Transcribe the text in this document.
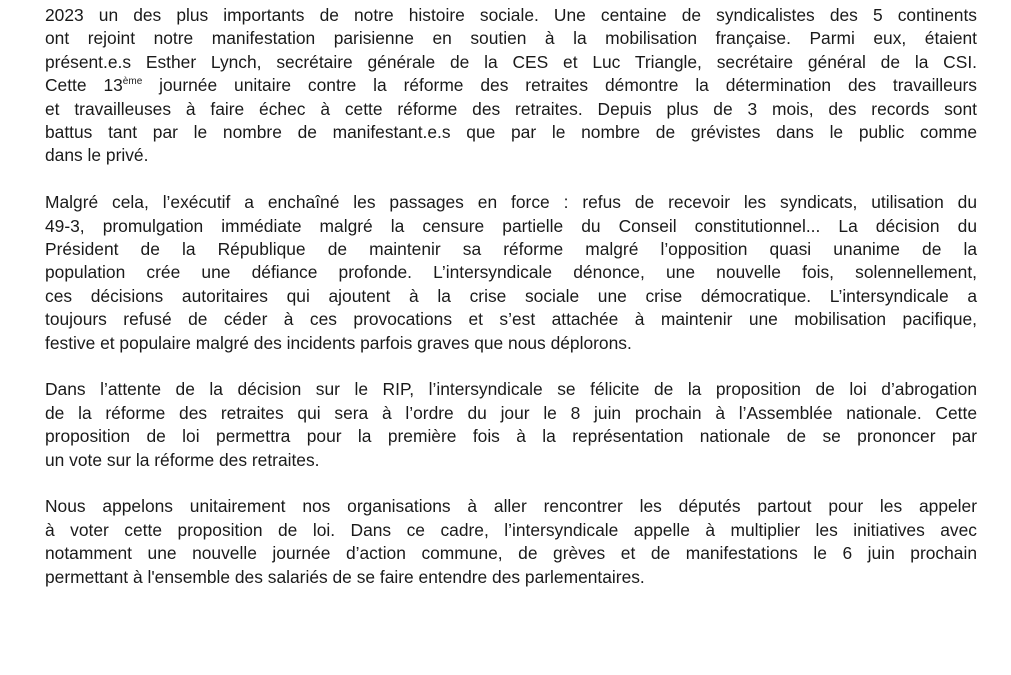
2023 un des plus importants de notre histoire sociale. Une centaine de syndicalistes des 5 continents
ont rejoint notre manifestation parisienne en soutien à la mobilisation française. Parmi eux, étaient
présent.e.s Esther Lynch, secrétaire générale de la CES et Luc Triangle, secrétaire général de la CSI.
Cette 13ème journée unitaire contre la réforme des retraites démontre la détermination des travailleurs
et travailleuses à faire échec à cette réforme des retraites. Depuis plus de 3 mois, des records sont
battus tant par le nombre de manifestant.e.s que par le nombre de grévistes dans le public comme
dans le privé.

Malgré cela, l’exécutif a enchaîné les passages en force : refus de recevoir les syndicats, utilisation du
49-3, promulgation immédiate malgré la censure partielle du Conseil constitutionnel... La décision du
Président de la République de maintenir sa réforme malgré l’opposition quasi unanime de la
population crée une défiance profonde. L’intersyndicale dénonce, une nouvelle fois, solennellement,
ces décisions autoritaires qui ajoutent à la crise sociale une crise démocratique. L’intersyndicale a
toujours refusé de céder à ces provocations et s’est attachée à maintenir une mobilisation pacifique,
festive et populaire malgré des incidents parfois graves que nous déplorons.

Dans l’attente de la décision sur le RIP, l’intersyndicale se félicite de la proposition de loi d’abrogation
de la réforme des retraites qui sera à l’ordre du jour le 8 juin prochain à l’Assemblée nationale. Cette
proposition de loi permettra pour la première fois à la représentation nationale de se prononcer par
un vote sur la réforme des retraites.

Nous appelons unitairement nos organisations à aller rencontrer les députés partout pour les appeler
à voter cette proposition de loi. Dans ce cadre, l’intersyndicale appelle à multiplier les initiatives avec
notamment une nouvelle journée d’action commune, de grèves et de manifestations le 6 juin prochain
permettant à l'ensemble des salariés de se faire entendre des parlementaires.
